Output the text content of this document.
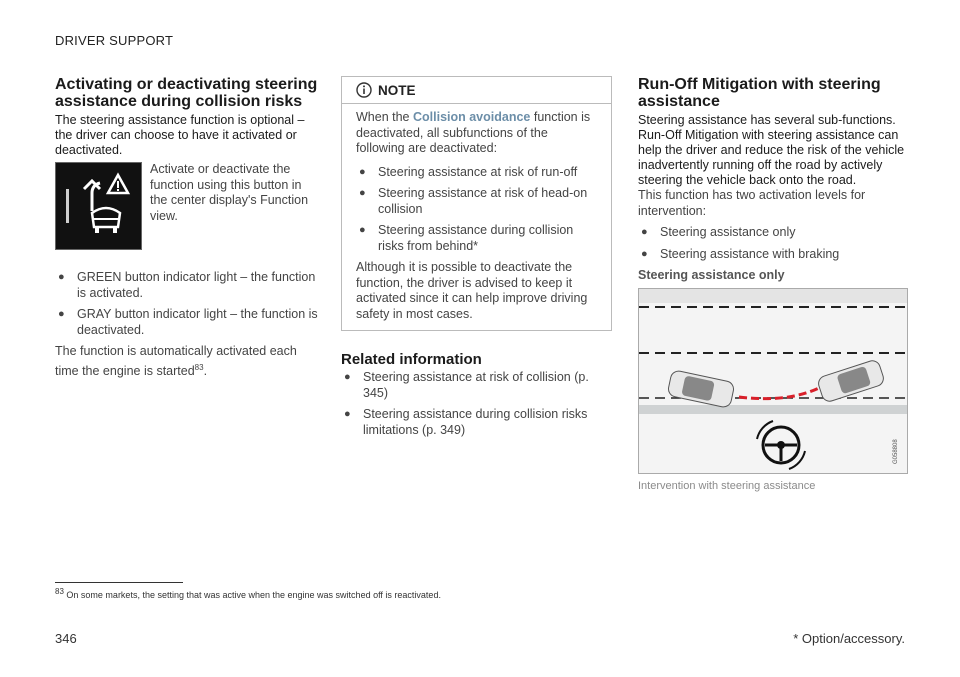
DRIVER SUPPORT
Activating or deactivating steering assistance during collision risks

The steering assistance function is optional – the driver can choose to have it activated or deactivated.

Activate or deactivate the function using this button in the center display's Function view.

● GREEN button indicator light – the function is activated.
● GRAY button indicator light – the function is deactivated.

The function is automatically activated each time the engine is started$^{83}$.

NOTE

When the Collision avoidance function is deactivated, all subfunctions of the following are deactivated:

● Steering assistance at risk of run-off
● Steering assistance at risk of head-on collision
● Steering assistance during collision risks from behind*

Although it is possible to deactivate the function, the driver is advised to keep it activated since it can help improve driving safety in most cases.

Related information
● Steering assistance at risk of collision (p. 345)
● Steering assistance during collision risks limitations (p. 349)
Run-Off Mitigation with steering assistance

Steering assistance has several sub-functions. Run-Off Mitigation with steering assistance can help the driver and reduce the risk of the vehicle inadvertently running off the road by actively steering the vehicle back onto the road.

This function has two activation levels for intervention:

● Steering assistance only
● Steering assistance with braking
Steering assistance only
G058808
Intervention with steering assistance
$^{83}$ On some markets, the setting that was active when the engine was switched off is reactivated.
346	* Option/accessory.
